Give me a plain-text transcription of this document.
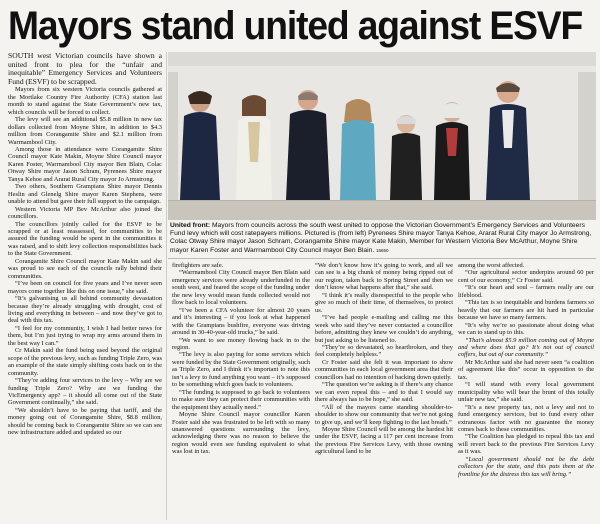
Mayors stand united against ESVF

SOUTH west Victorian councils have shown a united front to plea for the “unfair and inequitable” Emergency Services and Volunteers Fund (ESVF) to be scrapped.

Mayors from six western Victoria councils gathered at the Mortlake Country Fire Authority (CFA) station last month to stand against the State Government’s new tax, which councils will be forced to collect.

The levy will see an additional $5.8 million in new tax dollars collected from Moyne Shire, in addition to $4.3 million from Corangamite Shire and $2.1 million from Warrnambool City.

Among those in attendance were Corangamite Shire Council mayor Kate Makin, Moyne Shire Council mayor Karen Foster, Warrnambool City mayor Ben Blain, Colac Otway Shire mayor Jason Schram, Pyrenees Shire mayor Tanya Kehoe and Ararat Rural City mayor Jo Armstrong.

Two others, Southern Grampians Shire mayor Dennis Heslin and Glenelg Shire mayor Karen Stephens, were unable to attend but gave their full support to the campaign.

Western Victoria MP Bev McArthur also joined the councillors.

The councillors jointly called for the ESVF to be scrapped or at least reassessed, for communities to be assured the funding would be spent in the communities it was raised, and to shift levy collection responsibilities back to the State Government.

Corangamite Shire Council mayor Kate Makin said she was proud to see each of the councils rally behind their communities.

“I’ve been on council for five years and I’ve never seen mayors come together like this on one issue,” she said.

“It’s galvanising us all behind community devastation because they’re already struggling with drought, cost of living and everything in between – and now they’ve got to deal with this tax.

“I feel for my community, I wish I had better news for them, but I’m just trying to wrap my arms around them in the best way I can.”

Cr Makin said the fund being used beyond the original scope of the previous levy, such as funding Triple Zero, was an example of the state simply shifting costs back on to the community.

“They’re adding four services to the levy – Why are we funding Triple Zero? Why are we funding the VicEmergency app? – it should all come out of the State Government continually,” she said.

“We shouldn’t have to be paying that tariff, and the money going out of Corangamite Shire, $8.8 million, should be coming back to Corangamite Shire so we can see new infrastructure added and updated so our

United front: Mayors from councils across the south west united to oppose the Victorian Government’s Emergency Services and Volunteers Fund levy which will cost ratepayers millions. Pictured is (from left) Pyrenees Shire mayor Tanya Kehoe, Ararat Rural City mayor Jo Armstrong, Colac Otway Shire mayor Jason Schram, Corangamite Shire mayor Kate Makin, Member for Western Victoria Bev McArthur, Moyne Shire mayor Karen Foster and Warrnambool City Council mayor Ben Blain. 16650

firefighters are safe.

“Warrnambool City Council mayor Ben Blain said emergency services were already underfunded in the south west, and feared the scope of the funding under the new levy would mean funds collected would not flow back to local volunteers.

“I’ve been a CFA volunteer for almost 20 years and it’s interesting – if you look at what happened with the Grampians bushfire, everyone was driving around in 30-40-year-old trucks,” he said.

“We want to see money flowing back in to the region.

“The levy is also paying for some services which were funded by the State Government originally, such as Triple Zero, and I think it’s important to note this isn’t a levy to fund anything you want – it’s supposed to be something which goes back to volunteers.

“The funding is supposed to go back to volunteers to make sure they can protect their communities with the equipment they actually need.”

Moyne Shire Council mayor councillor Karen Foster said she was frustrated to be left with so many unanswered questions surrounding the levy, acknowledging there was no reason to believe the region would even see funding equivalent to what was lost in tax.

“We don’t know how it’s going to work, and all we can see is a big chunk of money being ripped out of our region, taken back to Spring Street and then we don’t know what happens after that,” she said.

“I think it’s really disrespectful to the people who give so much of their time, of themselves, to protect us.

“I’ve had people e-mailing and calling me this week who said they’ve never contacted a councillor before, admitting they knew we couldn’t do anything, but just asking to be listened to.

“They’re so devastated, so heartbroken, and they feel completely helpless.”

Cr Foster said she felt it was important to show communities in each local government area that their councillors had no intention of backing down quietly.

“The question we’re asking is if there’s any chance we can even repeal this – and to that I would say there always has to be hope,” she said.

“All of the mayors came standing shoulder-to-shoulder to show our community that we’re not going to give up, and we’ll keep fighting to the last breath.”

Moyne Shire Council will be among the hardest hit under the ESVF, facing a 117 per cent increase from the previous Fire Services Levy, with those owning agricultural land to be

among the worst affected.

“Our agricultural sector underpins around 60 per cent of our economy,” Cr Foster said.

“It’s our heart and soul – farmers really are our lifeblood.

“This tax is so inequitable and burdens farmers so heavily that our farmers are hit hard in particular because we have so many farmers.

“It’s why we’re so passionate about doing what we can to stand up to this.

“That’s almost $5.9 million coming out of Moyne and where does that go? It’s not out of council coffers, but out of our community.”

Mr McArthur said she had never seen “a coalition of agreement like this” occur in opposition to the tax.

“I will stand with every local government municipality who will bear the brunt of this totally unfair new tax,” she said.

“It’s a new property tax, not a levy and not to fund emergency services, but to fund every other extraneous factor with no guarantee the money comes back to these communities.

“The Coalition has pledged to repeal this tax and will revert back to the previous Fire Services Levy as it was.

“Local government should not be the debt collectors for the state, and this puts them at the frontline for the distress this tax will bring.”
